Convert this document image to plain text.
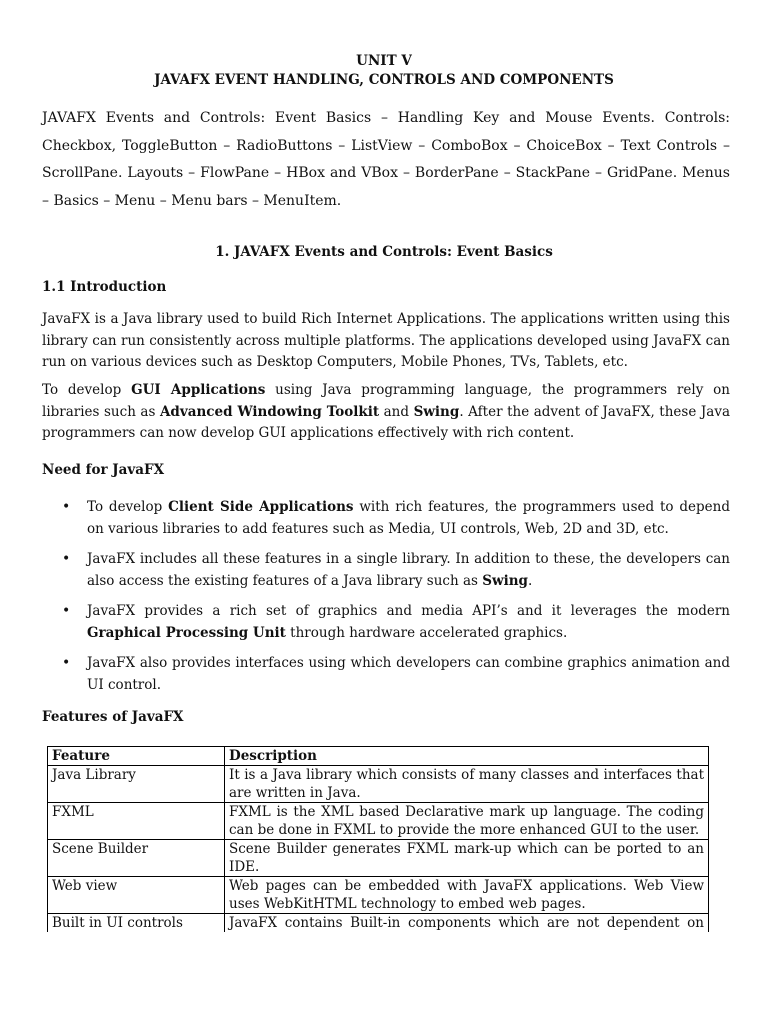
UNIT V
JAVAFX EVENT HANDLING, CONTROLS AND COMPONENTS
JAVAFX Events and Controls: Event Basics – Handling Key and Mouse Events. Controls: Checkbox, ToggleButton – RadioButtons – ListView – ComboBox – ChoiceBox – Text Controls – ScrollPane. Layouts – FlowPane – HBox and VBox – BorderPane – StackPane – GridPane. Menus – Basics – Menu – Menu bars – MenuItem.
1. JAVAFX Events and Controls: Event Basics
1.1 Introduction
JavaFX is a Java library used to build Rich Internet Applications. The applications written using this library can run consistently across multiple platforms. The applications developed using JavaFX can run on various devices such as Desktop Computers, Mobile Phones, TVs, Tablets, etc.
To develop GUI Applications using Java programming language, the programmers rely on libraries such as Advanced Windowing Toolkit and Swing. After the advent of JavaFX, these Java programmers can now develop GUI applications effectively with rich content.
Need for JavaFX
• To develop Client Side Applications with rich features, the programmers used to depend on various libraries to add features such as Media, UI controls, Web, 2D and 3D, etc.
• JavaFX includes all these features in a single library. In addition to these, the developers can also access the existing features of a Java library such as Swing.
• JavaFX provides a rich set of graphics and media API’s and it leverages the modern Graphical Processing Unit through hardware accelerated graphics.
• JavaFX also provides interfaces using which developers can combine graphics animation and UI control.
Features of JavaFX
Feature	Description
Java Library	It is a Java library which consists of many classes and interfaces that are written in Java.
FXML	FXML is the XML based Declarative mark up language. The coding can be done in FXML to provide the more enhanced GUI to the user.
Scene Builder	Scene Builder generates FXML mark-up which can be ported to an IDE.
Web view	Web pages can be embedded with JavaFX applications. Web View uses WebKitHTML technology to embed web pages.
Built in UI controls	JavaFX contains Built-in components which are not dependent on
